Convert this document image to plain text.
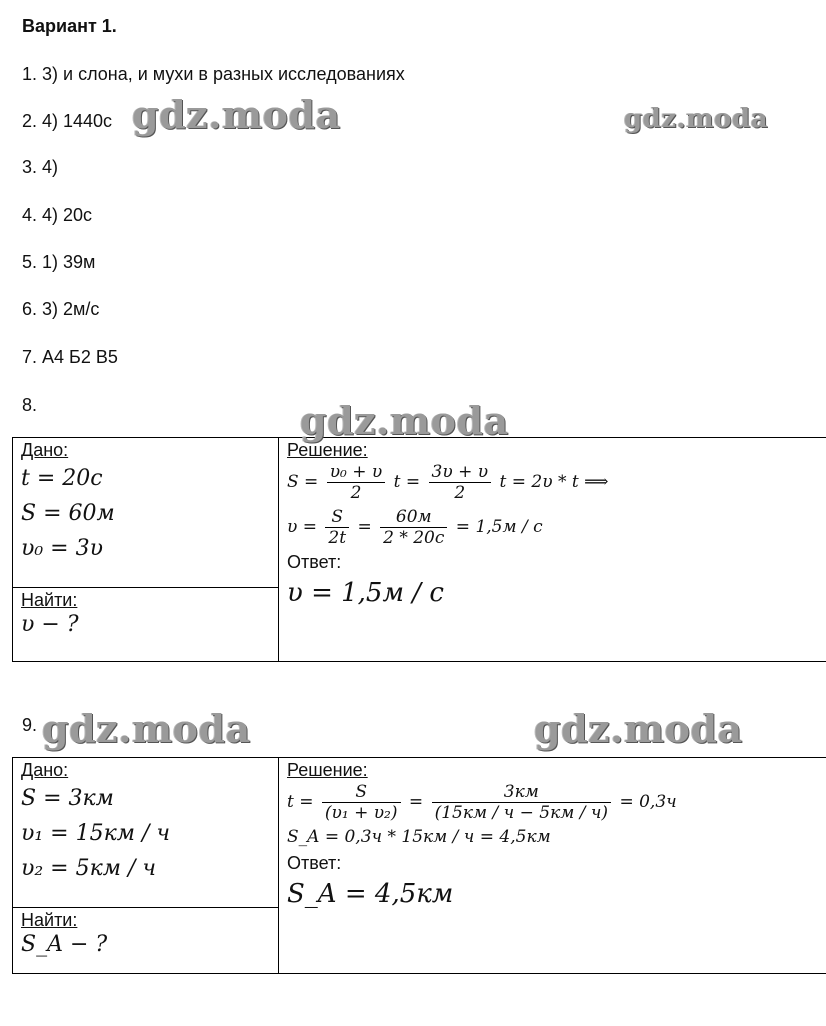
Вариант 1.
1. 3) и слона, и мухи в разных исследованиях
2. 4) 1440с
3. 4)
4. 4) 20с
5. 1) 39м
6. 3) 2м/с
7. А4 Б2 В5
8.
Дано:
t = 20c
S = 60м
υ₀ = 3υ

Решение:
$S = \frac{\text{υ₀ + υ}}{2}$ $t = \frac{3\upsilon + \upsilon}{2}$ t = 2υ * t ⟹
$\upsilon = \frac{S}{2t} = \frac{60м}{2 * 20c} = 1,5м / c$
Ответ:
υ = 1,5м / c

Найти:
υ − ?
9.
Дано:
S = 3км
υ₁ = 15км / ч
υ₂ = 5км / ч

Решение:
$t = \frac{S}{\text{(υ₁ + υ₂)}} = \frac{3км}{(15км / ч - 5км / ч)} = 0,3ч$
S_A = 0,3ч * 15км / ч = 4,5км
Ответ:
S_A = 4,5км

Найти:
S_A − ?
gdz.moda	gdz.moda
gdz.moda
gdz.moda	gdz.moda
